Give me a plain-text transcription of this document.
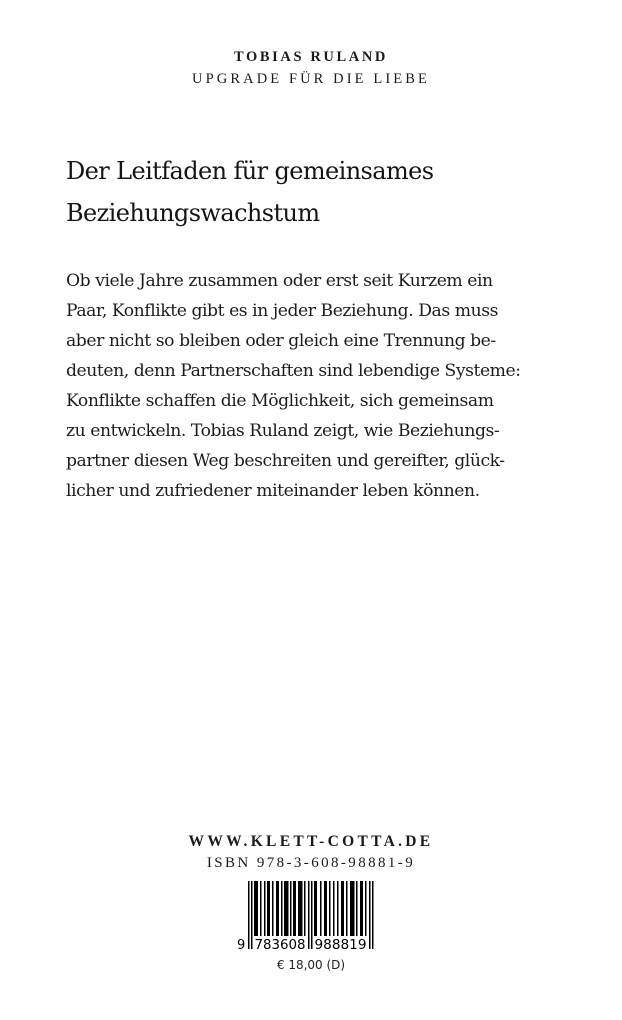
TOBIAS RULAND
UPGRADE FÜR DIE LIEBE
Der Leitfaden für gemeinsames
Beziehungswachstum
Ob viele Jahre zusammen oder erst seit Kurzem ein
Paar, Konflikte gibt es in jeder Beziehung. Das muss
aber nicht so bleiben oder gleich eine Trennung be-
deuten, denn Partnerschaften sind lebendige Systeme:
Konflikte schaffen die Möglichkeit, sich gemeinsam
zu entwickeln. Tobias Ruland zeigt, wie Beziehungs-
partner diesen Weg beschreiten und gereifter, glück-
licher und zufriedener miteinander leben können.
WWW.KLETT-COTTA.DE
ISBN 978-3-608-98881-9
9 783608 988819
€ 18,00 (D)
